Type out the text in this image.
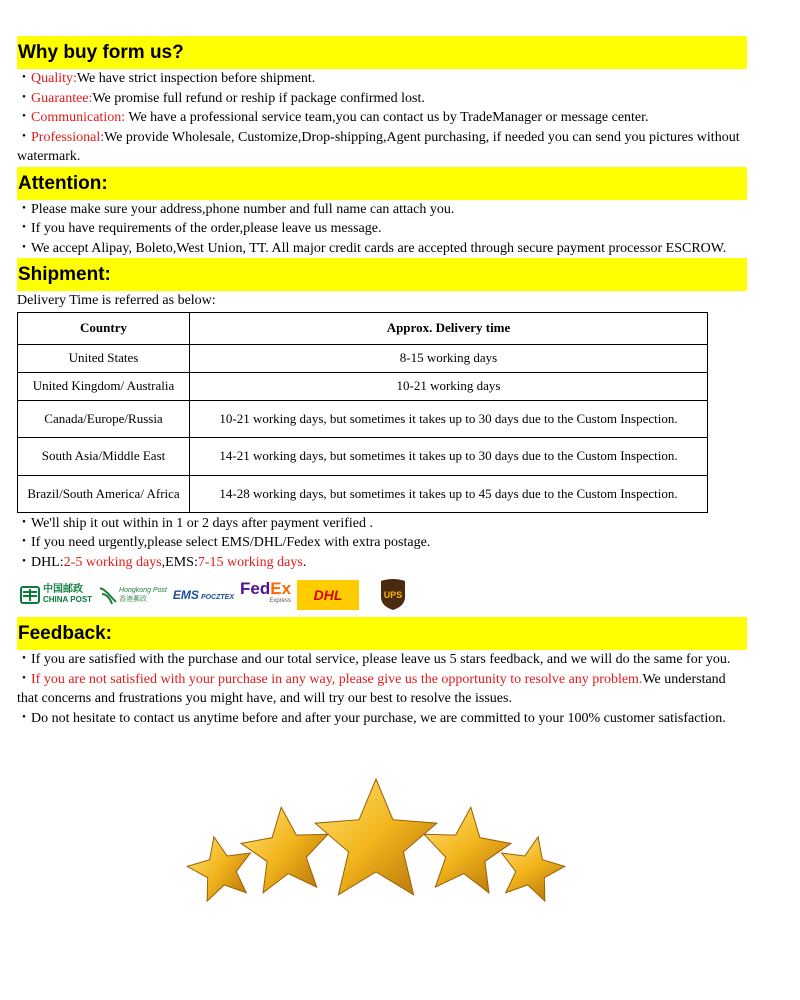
Why buy form us?
・Quality:We have strict inspection before shipment.
・Guarantee:We promise full refund or reship if package confirmed lost.
・Communication: We have a professional service team,you can contact us by TradeManager or message center.
・Professional:We provide Wholesale, Customize,Drop-shipping,Agent purchasing, if needed you can send you pictures without watermark.
Attention:
・Please make sure your address,phone number and full name can attach you.
・If you have requirements of the order,please leave us message.
・We accept Alipay, Boleto,West Union, TT. All major credit cards are accepted through secure payment processor ESCROW.
Shipment:
Delivery Time is referred as below:
Country	Approx. Delivery time
United States	8-15 working days
United Kingdom/ Australia	10-21 working days
Canada/Europe/Russia	10-21 working days, but sometimes it takes up to 30 days due to the Custom Inspection.
South Asia/Middle East	14-21 working days, but sometimes it takes up to 30 days due to the Custom Inspection.
Brazil/South America/ Africa	14-28 working days, but sometimes it takes up to 45 days due to the Custom Inspection.
・We'll ship it out within in 1 or 2 days after payment verified .
・If you need urgently,please select EMS/DHL/Fedex with extra postage.
・DHL:2-5 working days,EMS:7-15 working days.
中国邮政
CHINA POST
Hongkong Post
香港郵政	EMS POCZTEX FedEx
Express DHL	UPS
Feedback:
・If you are satisfied with the purchase and our total service, please leave us 5 stars feedback, and we will do the same for you.
・If you are not satisfied with your purchase in any way, please give us the opportunity to resolve any problem.We understand that concerns and frustrations you might have, and will try our best to resolve the issues.
・Do not hesitate to contact us anytime before and after your purchase, we are committed to your 100% customer satisfaction.
